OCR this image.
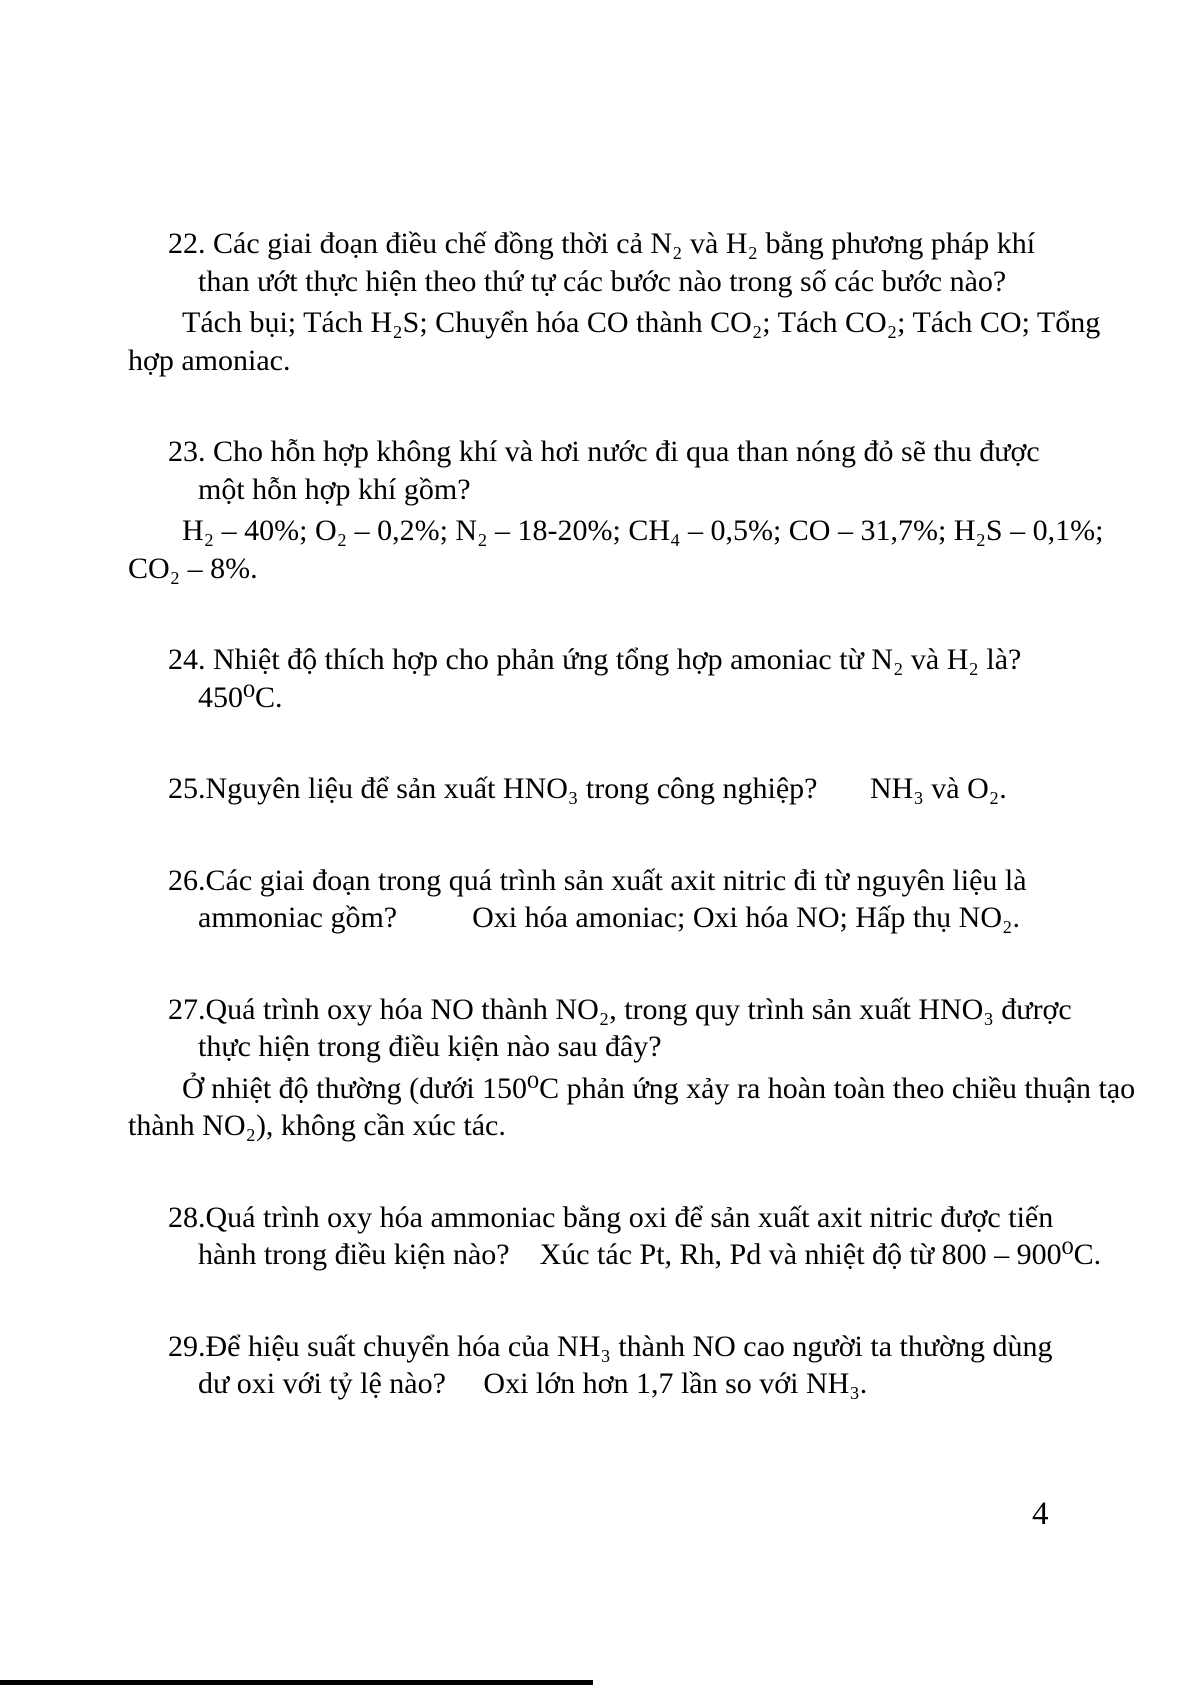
22. Các giai đoạn điều chế đồng thời cả N₂ và H₂ bằng phương pháp khí
than ướt thực hiện theo thứ tự các bước nào trong số các bước nào?
Tách bụi; Tách H₂S; Chuyển hóa CO thành CO₂; Tách CO₂; Tách CO; Tổng
hợp amoniac.
23. Cho hỗn hợp không khí và hơi nước đi qua than nóng đỏ sẽ thu được
một hỗn hợp khí gồm?
H₂ – 40%; O₂ – 0,2%; N₂ – 18-20%; CH₄ – 0,5%; CO – 31,7%; H₂S – 0,1%;
CO₂ – 8%.
24. Nhiệt độ thích hợp cho phản ứng tổng hợp amoniac từ N₂ và H₂ là?
450⁰C.
25.Nguyên liệu để sản xuất HNO₃ trong công nghiệp?       NH₃ và O₂.
26.Các giai đoạn trong quá trình sản xuất axit nitric đi từ nguyên liệu là
ammoniac gồm?          Oxi hóa amoniac; Oxi hóa NO; Hấp thụ NO₂.
27.Quá trình oxy hóa NO thành NO₂, trong quy trình sản xuất HNO₃ đưrợc
thực hiện trong điều kiện nào sau đây?
Ở nhiệt độ thường (dưới 150⁰C phản ứng xảy ra hoàn toàn theo chiều thuận tạo
thành NO₂), không cần xúc tác.
28.Quá trình oxy hóa ammoniac bằng oxi để sản xuất axit nitric được tiến
hành trong điều kiện nào?    Xúc tác Pt, Rh, Pd và nhiệt độ từ 800 – 900⁰C.
29.Để hiệu suất chuyển hóa của NH₃ thành NO cao người ta thường dùng
dư oxi với tỷ lệ nào?     Oxi lớn hơn 1,7 lần so với NH₃.
4
